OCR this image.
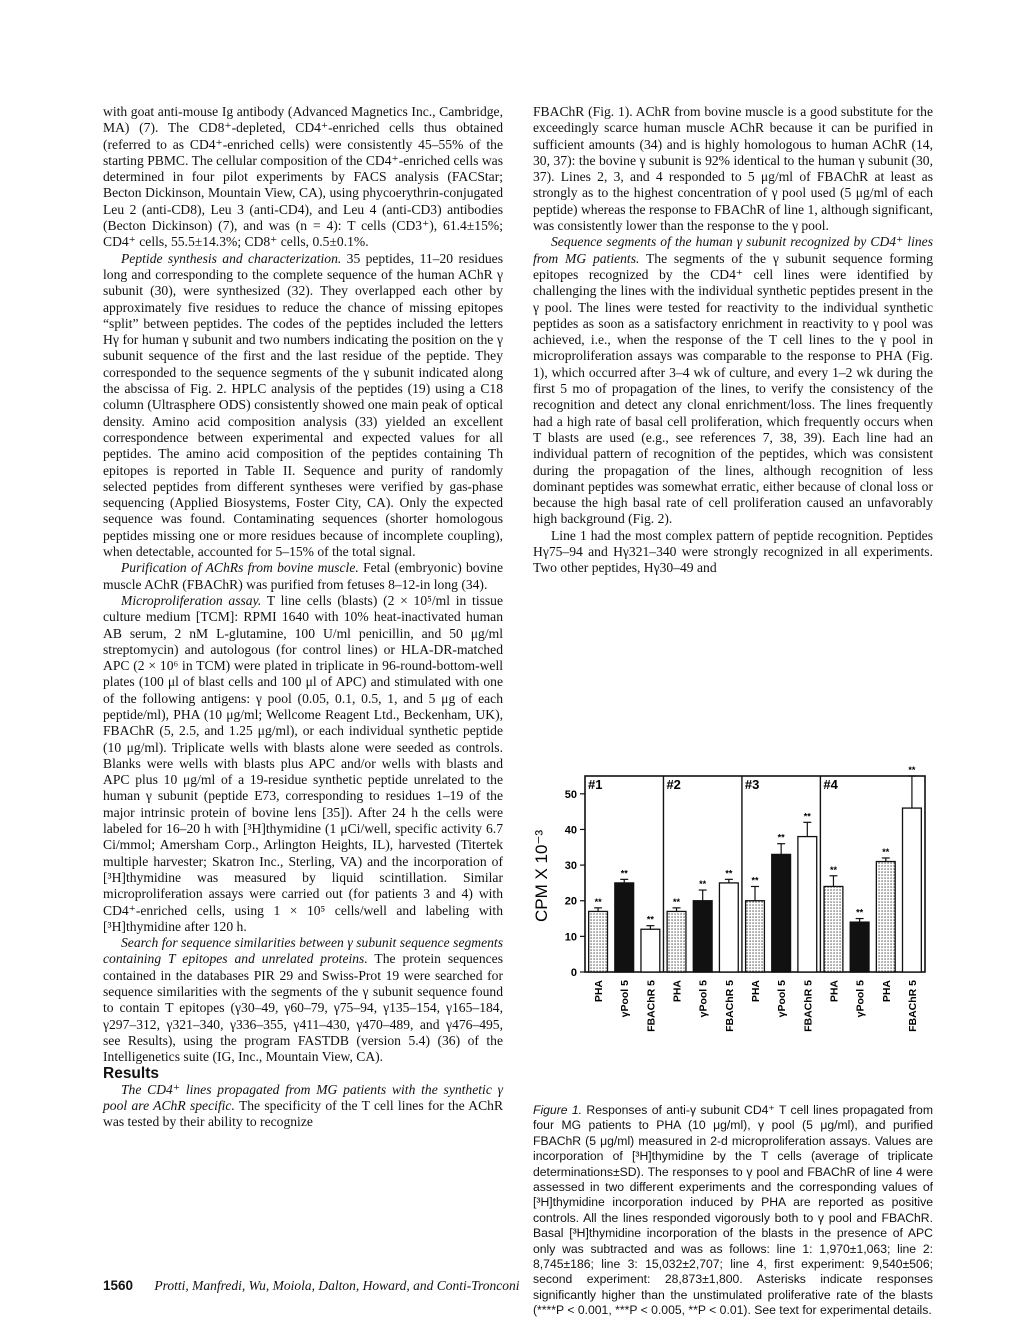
with goat anti-mouse Ig antibody (Advanced Magnetics Inc., Cambridge, MA) (7). The CD8⁺-depleted, CD4⁺-enriched cells thus obtained (referred to as CD4⁺-enriched cells) were consistently 45–55% of the starting PBMC. The cellular composition of the CD4⁺-enriched cells was determined in four pilot experiments by FACS analysis (FACStar; Becton Dickinson, Mountain View, CA), using phycoerythrin-conjugated Leu 2 (anti-CD8), Leu 3 (anti-CD4), and Leu 4 (anti-CD3) antibodies (Becton Dickinson) (7), and was (n = 4): T cells (CD3⁺), 61.4±15%; CD4⁺ cells, 55.5±14.3%; CD8⁺ cells, 0.5±0.1%.

Peptide synthesis and characterization. 35 peptides, 11–20 residues long and corresponding to the complete sequence of the human AChR γ subunit (30), were synthesized (32). They overlapped each other by approximately five residues to reduce the chance of missing epitopes “split” between peptides. The codes of the peptides included the letters Hγ for human γ subunit and two numbers indicating the position on the γ subunit sequence of the first and the last residue of the peptide. They corresponded to the sequence segments of the γ subunit indicated along the abscissa of Fig. 2. HPLC analysis of the peptides (19) using a C18 column (Ultrasphere ODS) consistently showed one main peak of optical density. Amino acid composition analysis (33) yielded an excellent correspondence between experimental and expected values for all peptides. The amino acid composition of the peptides containing Th epitopes is reported in Table II. Sequence and purity of randomly selected peptides from different syntheses were verified by gas-phase sequencing (Applied Biosystems, Foster City, CA). Only the expected sequence was found. Contaminating sequences (shorter homologous peptides missing one or more residues because of incomplete coupling), when detectable, accounted for 5–15% of the total signal.

Purification of AChRs from bovine muscle. Fetal (embryonic) bovine muscle AChR (FBAChR) was purified from fetuses 8–12-in long (34).

Microproliferation assay. T line cells (blasts) (2 × 10⁵/ml in tissue culture medium [TCM]: RPMI 1640 with 10% heat-inactivated human AB serum, 2 nM L-glutamine, 100 U/ml penicillin, and 50 μg/ml streptomycin) and autologous (for control lines) or HLA-DR-matched APC (2 × 10⁶ in TCM) were plated in triplicate in 96-round-bottom-well plates (100 μl of blast cells and 100 μl of APC) and stimulated with one of the following antigens: γ pool (0.05, 0.1, 0.5, 1, and 5 μg of each peptide/ml), PHA (10 μg/ml; Wellcome Reagent Ltd., Beckenham, UK), FBAChR (5, 2.5, and 1.25 μg/ml), or each individual synthetic peptide (10 μg/ml). Triplicate wells with blasts alone were seeded as controls. Blanks were wells with blasts plus APC and/or wells with blasts and APC plus 10 μg/ml of a 19-residue synthetic peptide unrelated to the human γ subunit (peptide E73, corresponding to residues 1–19 of the major intrinsic protein of bovine lens [35]). After 24 h the cells were labeled for 16–20 h with [³H]thymidine (1 μCi/well, specific activity 6.7 Ci/mmol; Amersham Corp., Arlington Heights, IL), harvested (Titertek multiple harvester; Skatron Inc., Sterling, VA) and the incorporation of [³H]thymidine was measured by liquid scintillation. Similar microproliferation assays were carried out (for patients 3 and 4) with CD4⁺-enriched cells, using 1 × 10⁵ cells/well and labeling with [³H]thymidine after 120 h.

Search for sequence similarities between γ subunit sequence segments containing T epitopes and unrelated proteins. The protein sequences contained in the databases PIR 29 and Swiss-Prot 19 were searched for sequence similarities with the segments of the γ subunit sequence found to contain T epitopes (γ30–49, γ60–79, γ75–94, γ135–154, γ165–184, γ297–312, γ321–340, γ336–355, γ411–430, γ470–489, and γ476–495, see Results), using the program FASTDB (version 5.4) (36) of the Intelligenetics suite (IG, Inc., Mountain View, CA).

Results

The CD4⁺ lines propagated from MG patients with the synthetic γ pool are AChR specific. The specificity of the T cell lines for the AChR was tested by their ability to recognize

FBAChR (Fig. 1). AChR from bovine muscle is a good substitute for the exceedingly scarce human muscle AChR because it can be purified in sufficient amounts (34) and is highly homologous to human AChR (14, 30, 37): the bovine γ subunit is 92% identical to the human γ subunit (30, 37). Lines 2, 3, and 4 responded to 5 μg/ml of FBAChR at least as strongly as to the highest concentration of γ pool used (5 μg/ml of each peptide) whereas the response to FBAChR of line 1, although significant, was consistently lower than the response to the γ pool.

Sequence segments of the human γ subunit recognized by CD4⁺ lines from MG patients. The segments of the γ subunit sequence forming epitopes recognized by the CD4⁺ cell lines were identified by challenging the lines with the individual synthetic peptides present in the γ pool. The lines were tested for reactivity to the individual synthetic peptides as soon as a satisfactory enrichment in reactivity to γ pool was achieved, i.e., when the response of the T cell lines to the γ pool in microproliferation assays was comparable to the response to PHA (Fig. 1), which occurred after 3–4 wk of culture, and every 1–2 wk during the first 5 mo of propagation of the lines, to verify the consistency of the recognition and detect any clonal enrichment/loss. The lines frequently had a high rate of basal cell proliferation, which frequently occurs when T blasts are used (e.g., see references 7, 38, 39). Each line had an individual pattern of recognition of the peptides, which was consistent during the propagation of the lines, although recognition of less dominant peptides was somewhat erratic, either because of clonal loss or because the high basal rate of cell proliferation caused an unfavorably high background (Fig. 2).

Line 1 had the most complex pattern of peptide recognition. Peptides Hγ75–94 and Hγ321–340 were strongly recognized in all experiments. Two other peptides, Hγ30–49 and

CPM X 10⁻³
0
10
20
30
40
50
#1	#2	#3	#4
**
PHA
**
γPool 5
**
FBAChR 5
**
PHA
**
γPool 5
**
FBAChR 5
**
PHA
**
γPool 5
**
FBAChR 5
**
PHA
**
γPool 5
**
PHA
**
FBAChR 5
Figure 1. Responses of anti-γ subunit CD4⁺ T cell lines propagated from four MG patients to PHA (10 μg/ml), γ pool (5 μg/ml), and purified FBAChR (5 μg/ml) measured in 2-d microproliferation assays. Values are incorporation of [³H]thymidine by the T cells (average of triplicate determinations±SD). The responses to γ pool and FBAChR of line 4 were assessed in two different experiments and the corresponding values of [³H]thymidine incorporation induced by PHA are reported as positive controls. All the lines responded vigorously both to γ pool and FBAChR. Basal [³H]thymidine incorporation of the blasts in the presence of APC only was subtracted and was as follows: line 1: 1,970±1,063; line 2: 8,745±186; line 3: 15,032±2,707; line 4, first experiment: 9,540±506; second experiment: 28,873±1,800. Asterisks indicate responses significantly higher than the unstimulated proliferative rate of the blasts (****P < 0.001, ***P < 0.005, **P < 0.01). See text for experimental details.
1560 Protti, Manfredi, Wu, Moiola, Dalton, Howard, and Conti-Tronconi
